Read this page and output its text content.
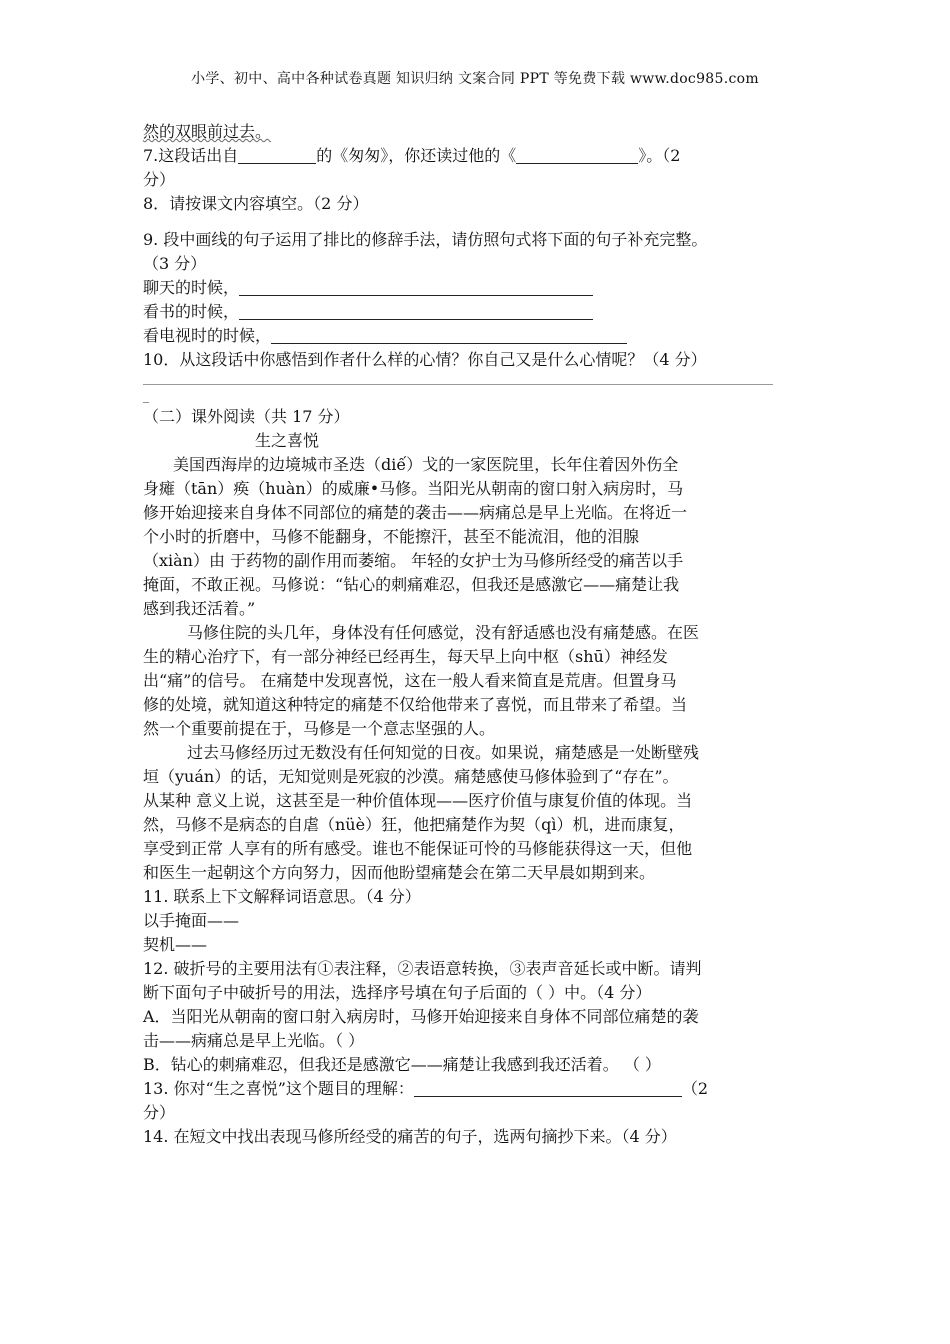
小学、初中、高中各种试卷真题 知识归纳 文案合同 PPT 等免费下载 www.doc985.com
然的双眼前过去。
7.这段话出自	的《匆匆》，你还读过他的《	》。（2
分）
8．请按课文内容填空。（2 分）
9. 段中画线的句子运用了排比的修辞手法，请仿照句式将下面的句子补充完整。
（3 分）
聊天的时候，
看书的时候，
看电视时的时候，
10．从这段话中你感悟到作者什么样的心情？你自己又是什么心情呢？（4 分）
_
（二）课外阅读（共 17 分）
生之喜悦
美国西海岸的边境城市圣迭（diế）戈的一家医院里，长年住着因外伤全
身瘫（tān）痪（huàn）的威廉•马修。当阳光从朝南的窗口射入病房时，马
修开始迎接来自身体不同部位的痛楚的袭击——病痛总是早上光临。在将近一
个小时的折磨中，马修不能翻身，不能擦汗，甚至不能流泪，他的泪腺
（xiàn）由 于药物的副作用而萎缩。 年轻的女护士为马修所经受的痛苦以手
掩面，不敢正视。马修说：“钻心的刺痛难忍，但我还是感激它——痛楚让我
感到我还活着。”
马修住院的头几年，身体没有任何感觉，没有舒适感也没有痛楚感。在医
生的精心治疗下，有一部分神经已经再生，每天早上向中枢（shū）神经发
出“痛”的信号。 在痛楚中发现喜悦，这在一般人看来简直是荒唐。但置身马
修的处境，就知道这种特定的痛楚不仅给他带来了喜悦，而且带来了希望。当
然一个重要前提在于，马修是一个意志坚强的人。
过去马修经历过无数没有任何知觉的日夜。如果说，痛楚感是一处断壁残
垣（yuán）的话，无知觉则是死寂的沙漠。痛楚感使马修体验到了“存在”。
从某种 意义上说，这甚至是一种价值体现——医疗价值与康复价值的体现。当
然，马修不是病态的自虐（nüè）狂，他把痛楚作为契（qì）机，进而康复，
享受到正常 人享有的所有感受。谁也不能保证可怜的马修能获得这一天，但他
和医生一起朝这个方向努力，因而他盼望痛楚会在第二天早晨如期到来。
11. 联系上下文解释词语意思。（4 分）
以手掩面——
契机——
12. 破折号的主要用法有①表注释，②表语意转换，③表声音延长或中断。请判
断下面句子中破折号的用法，选择序号填在句子后面的（ ）中。（4 分）
A．当阳光从朝南的窗口射入病房时，马修开始迎接来自身体不同部位痛楚的袭
击——病痛总是早上光临。（ ）
B．钻心的刺痛难忍，但我还是感激它——痛楚让我感到我还活着。 （ ）
13. 你对“生之喜悦”这个题目的理解：	（2
分）
14. 在短文中找出表现马修所经受的痛苦的句子，选两句摘抄下来。（4 分）
